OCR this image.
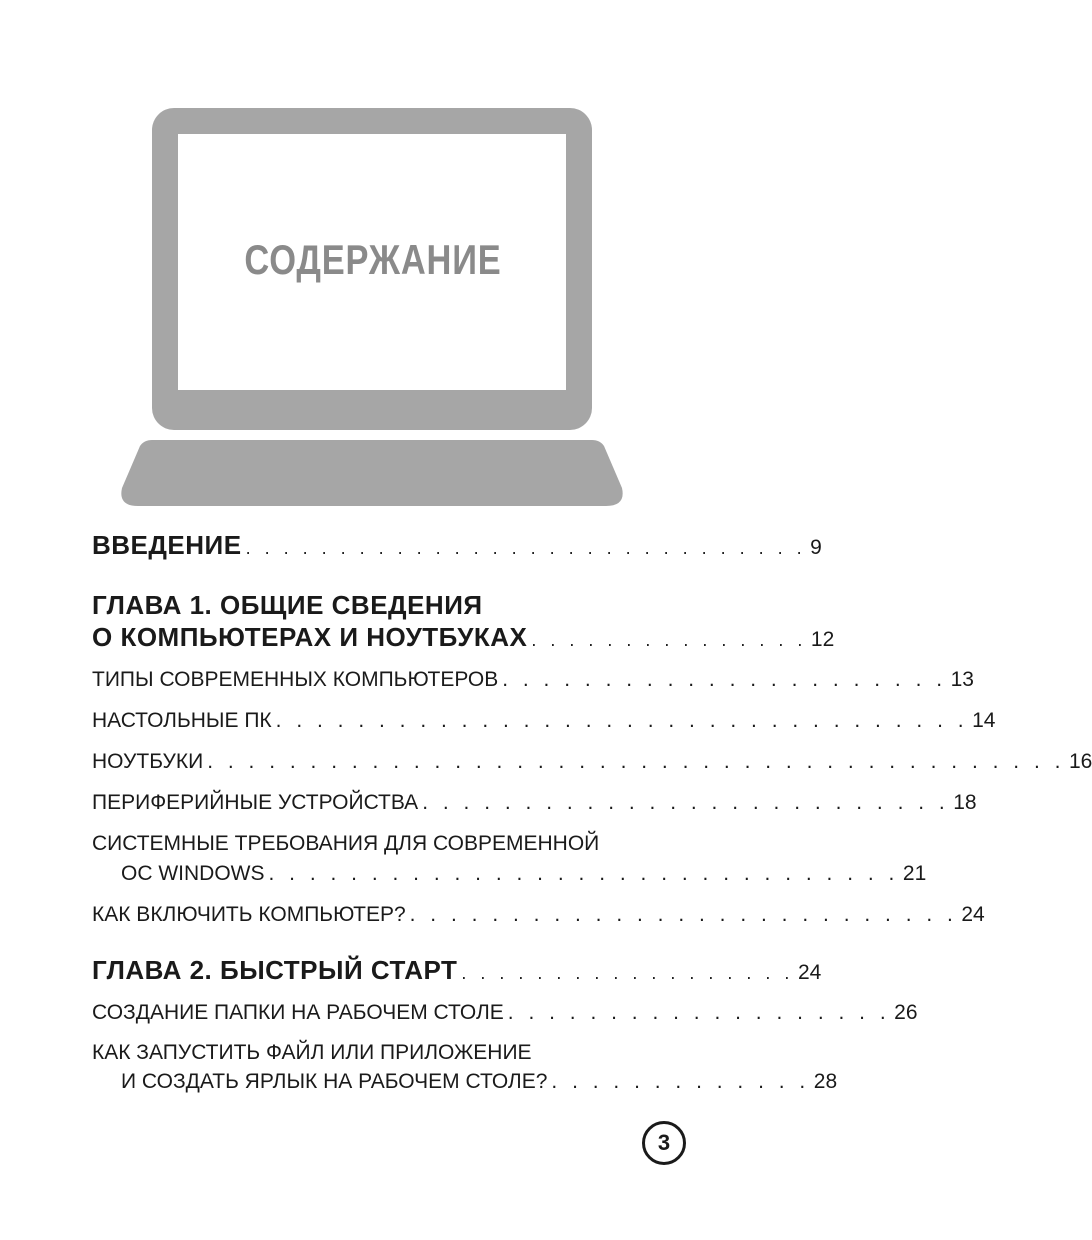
СОДЕРЖАНИЕ
ВВЕДЕНИЕ . . . . . . . . . . . . . . . . . . . . . . . . . . . . . . 9
ГЛАВА 1. ОБЩИЕ СВЕДЕНИЯ
О КОМПЬЮТЕРАХ И НОУТБУКАХ . . . . . . . . . . . . . . . 12
ТИПЫ СОВРЕМЕННЫХ КОМПЬЮТЕРОВ . . . . . . . . . . . . . . . . . . . . . . 13
НАСТОЛЬНЫЕ ПК . . . . . . . . . . . . . . . . . . . . . . . . . . . . . . . . . . 14
НОУТБУКИ . . . . . . . . . . . . . . . . . . . . . . . . . . . . . . . . . . . . . . . . . . 16
ПЕРИФЕРИЙНЫЕ УСТРОЙСТВА . . . . . . . . . . . . . . . . . . . . . . . . . . 18
СИСТЕМНЫЕ ТРЕБОВАНИЯ ДЛЯ СОВРЕМЕННОЙ
ОС WINDOWS . . . . . . . . . . . . . . . . . . . . . . . . . . . . . . . 21
КАК ВКЛЮЧИТЬ КОМПЬЮТЕР? . . . . . . . . . . . . . . . . . . . . . . . . . . . 24
ГЛАВА 2. БЫСТРЫЙ СТАРТ . . . . . . . . . . . . . . . . . . 24
СОЗДАНИЕ ПАПКИ НА РАБОЧЕМ СТОЛЕ . . . . . . . . . . . . . . . . . . . 26
КАК ЗАПУСТИТЬ ФАЙЛ ИЛИ ПРИЛОЖЕНИЕ
И СОЗДАТЬ ЯРЛЫК НА РАБОЧЕМ СТОЛЕ? . . . . . . . . . . . . . 28
3
